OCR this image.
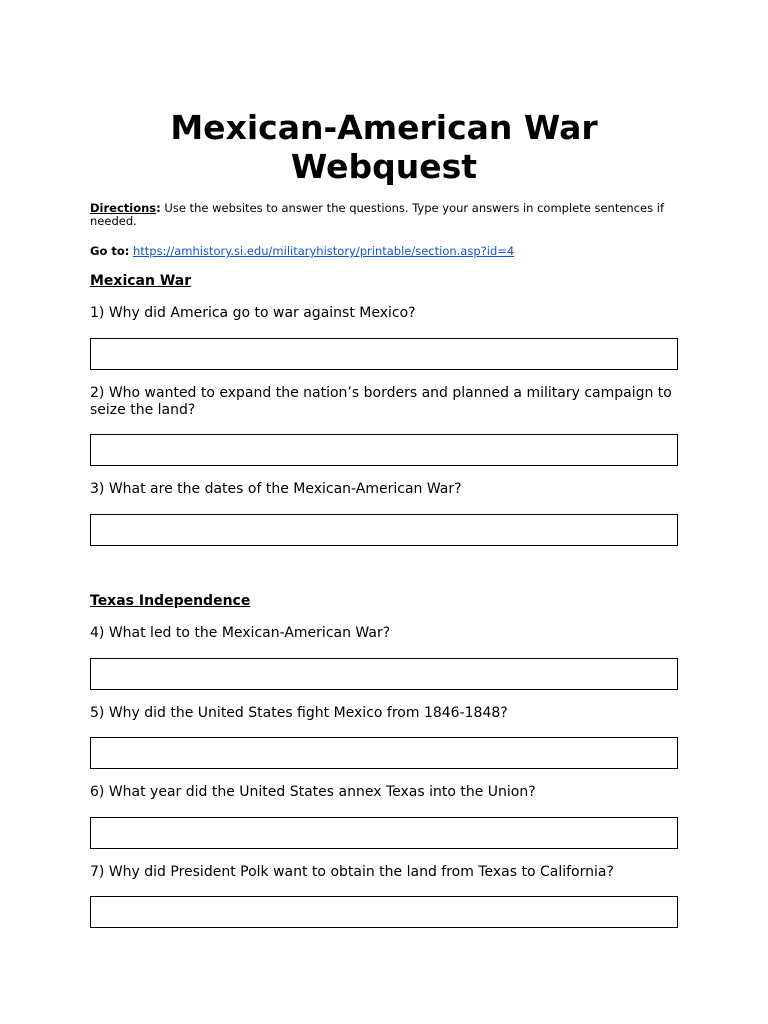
Mexican-American War
Webquest
Directions: Use the websites to answer the questions. Type your answers in complete sentences if needed.
Go to: https://amhistory.si.edu/militaryhistory/printable/section.asp?id=4
Mexican War
1) Why did America go to war against Mexico?
2) Who wanted to expand the nation’s borders and planned a military campaign to seize the land?
3) What are the dates of the Mexican-American War?
Texas Independence
4) What led to the Mexican-American War?
5) Why did the United States fight Mexico from 1846-1848?
6) What year did the United States annex Texas into the Union?
7) Why did President Polk want to obtain the land from Texas to California?
